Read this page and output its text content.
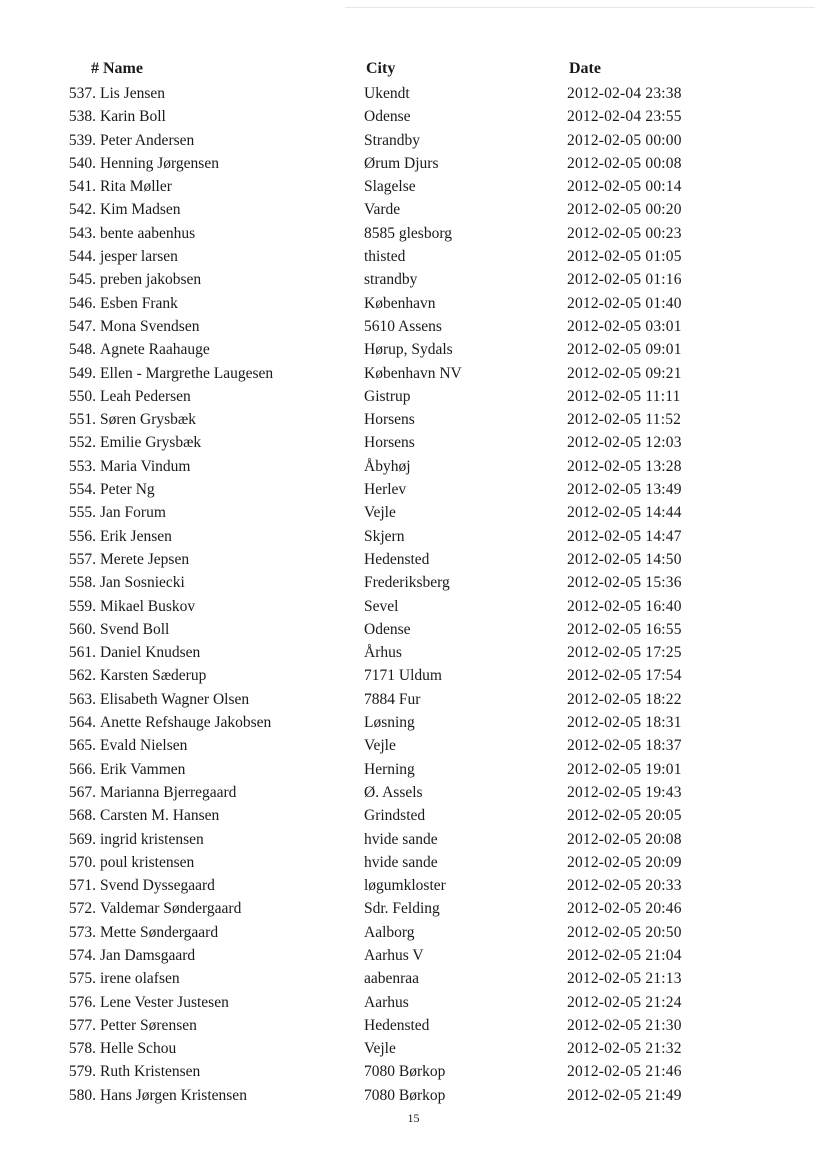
# Name	City	Date
537. Lis Jensen	Ukendt	2012-02-04 23:38
538. Karin Boll	Odense	2012-02-04 23:55
539. Peter Andersen	Strandby	2012-02-05 00:00
540. Henning Jørgensen	Ørum Djurs	2012-02-05 00:08
541. Rita Møller	Slagelse	2012-02-05 00:14
542. Kim Madsen	Varde	2012-02-05 00:20
543. bente aabenhus	8585 glesborg	2012-02-05 00:23
544. jesper larsen	thisted	2012-02-05 01:05
545. preben jakobsen	strandby	2012-02-05 01:16
546. Esben Frank	København	2012-02-05 01:40
547. Mona Svendsen	5610 Assens	2012-02-05 03:01
548. Agnete Raahauge	Hørup, Sydals	2012-02-05 09:01
549. Ellen - Margrethe Laugesen	København NV	2012-02-05 09:21
550. Leah Pedersen	Gistrup	2012-02-05 11:11
551. Søren Grysbæk	Horsens	2012-02-05 11:52
552. Emilie Grysbæk	Horsens	2012-02-05 12:03
553. Maria Vindum	Åbyhøj	2012-02-05 13:28
554. Peter Ng	Herlev	2012-02-05 13:49
555. Jan Forum	Vejle	2012-02-05 14:44
556. Erik Jensen	Skjern	2012-02-05 14:47
557. Merete Jepsen	Hedensted	2012-02-05 14:50
558. Jan Sosniecki	Frederiksberg	2012-02-05 15:36
559. Mikael Buskov	Sevel	2012-02-05 16:40
560. Svend Boll	Odense	2012-02-05 16:55
561. Daniel Knudsen	Århus	2012-02-05 17:25
562. Karsten Sæderup	7171 Uldum	2012-02-05 17:54
563. Elisabeth Wagner Olsen	7884 Fur	2012-02-05 18:22
564. Anette Refshauge Jakobsen	Løsning	2012-02-05 18:31
565. Evald Nielsen	Vejle	2012-02-05 18:37
566. Erik Vammen	Herning	2012-02-05 19:01
567. Marianna Bjerregaard	Ø. Assels	2012-02-05 19:43
568. Carsten M. Hansen	Grindsted	2012-02-05 20:05
569. ingrid kristensen	hvide sande	2012-02-05 20:08
570. poul kristensen	hvide sande	2012-02-05 20:09
571. Svend Dyssegaard	løgumkloster	2012-02-05 20:33
572. Valdemar Søndergaard	Sdr. Felding	2012-02-05 20:46
573. Mette Søndergaard	Aalborg	2012-02-05 20:50
574. Jan Damsgaard	Aarhus V	2012-02-05 21:04
575. irene olafsen	aabenraa	2012-02-05 21:13
576. Lene Vester Justesen	Aarhus	2012-02-05 21:24
577. Petter Sørensen	Hedensted	2012-02-05 21:30
578. Helle Schou	Vejle	2012-02-05 21:32
579. Ruth Kristensen	7080 Børkop	2012-02-05 21:46
580. Hans Jørgen Kristensen	7080 Børkop	2012-02-05 21:49
15
